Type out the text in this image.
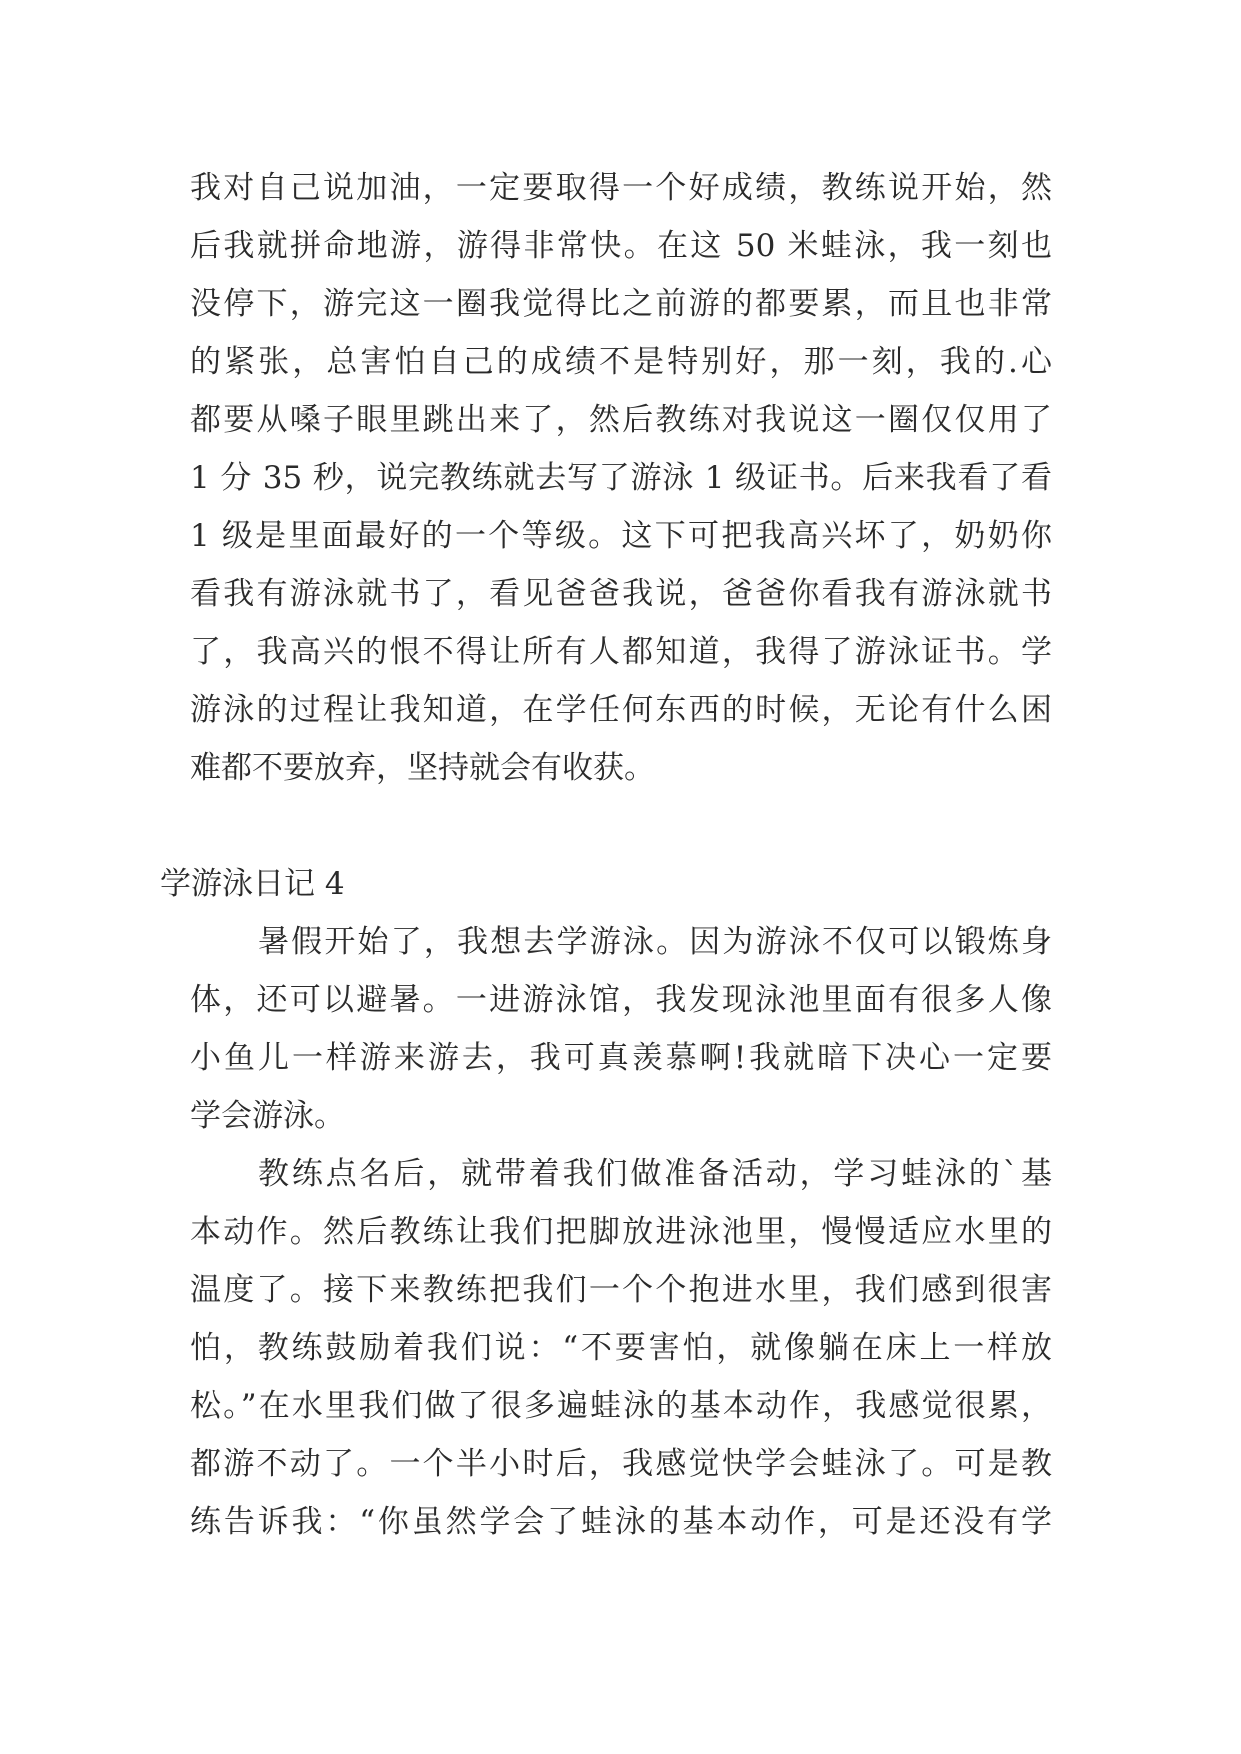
我对自己说加油，一定要取得一个好成绩，教练说开始，然
后我就拼命地游，游得非常快。在这 50 米蛙泳，我一刻也
没停下，游完这一圈我觉得比之前游的都要累，而且也非常
的紧张，总害怕自己的成绩不是特别好，那一刻，我的.心
都要从嗓子眼里跳出来了，然后教练对我说这一圈仅仅用了
1 分 35 秒，说完教练就去写了游泳 1 级证书。后来我看了看
1 级是里面最好的一个等级。这下可把我高兴坏了，奶奶你
看我有游泳就书了，看见爸爸我说，爸爸你看我有游泳就书
了，我高兴的恨不得让所有人都知道，我得了游泳证书。学
游泳的过程让我知道，在学任何东西的时候，无论有什么困
难都不要放弃，坚持就会有收获。
学游泳日记 4
暑假开始了，我想去学游泳。因为游泳不仅可以锻炼身
体，还可以避暑。一进游泳馆，我发现泳池里面有很多人像
小鱼儿一样游来游去，我可真羡慕啊!我就暗下决心一定要
学会游泳。
教练点名后，就带着我们做准备活动，学习蛙泳的`基
本动作。然后教练让我们把脚放进泳池里，慢慢适应水里的
温度了。接下来教练把我们一个个抱进水里，我们感到很害
怕，教练鼓励着我们说：“不要害怕，就像躺在床上一样放
松。”在水里我们做了很多遍蛙泳的基本动作，我感觉很累，
都游不动了。一个半小时后，我感觉快学会蛙泳了。可是教
练告诉我：“你虽然学会了蛙泳的基本动作，可是还没有学
